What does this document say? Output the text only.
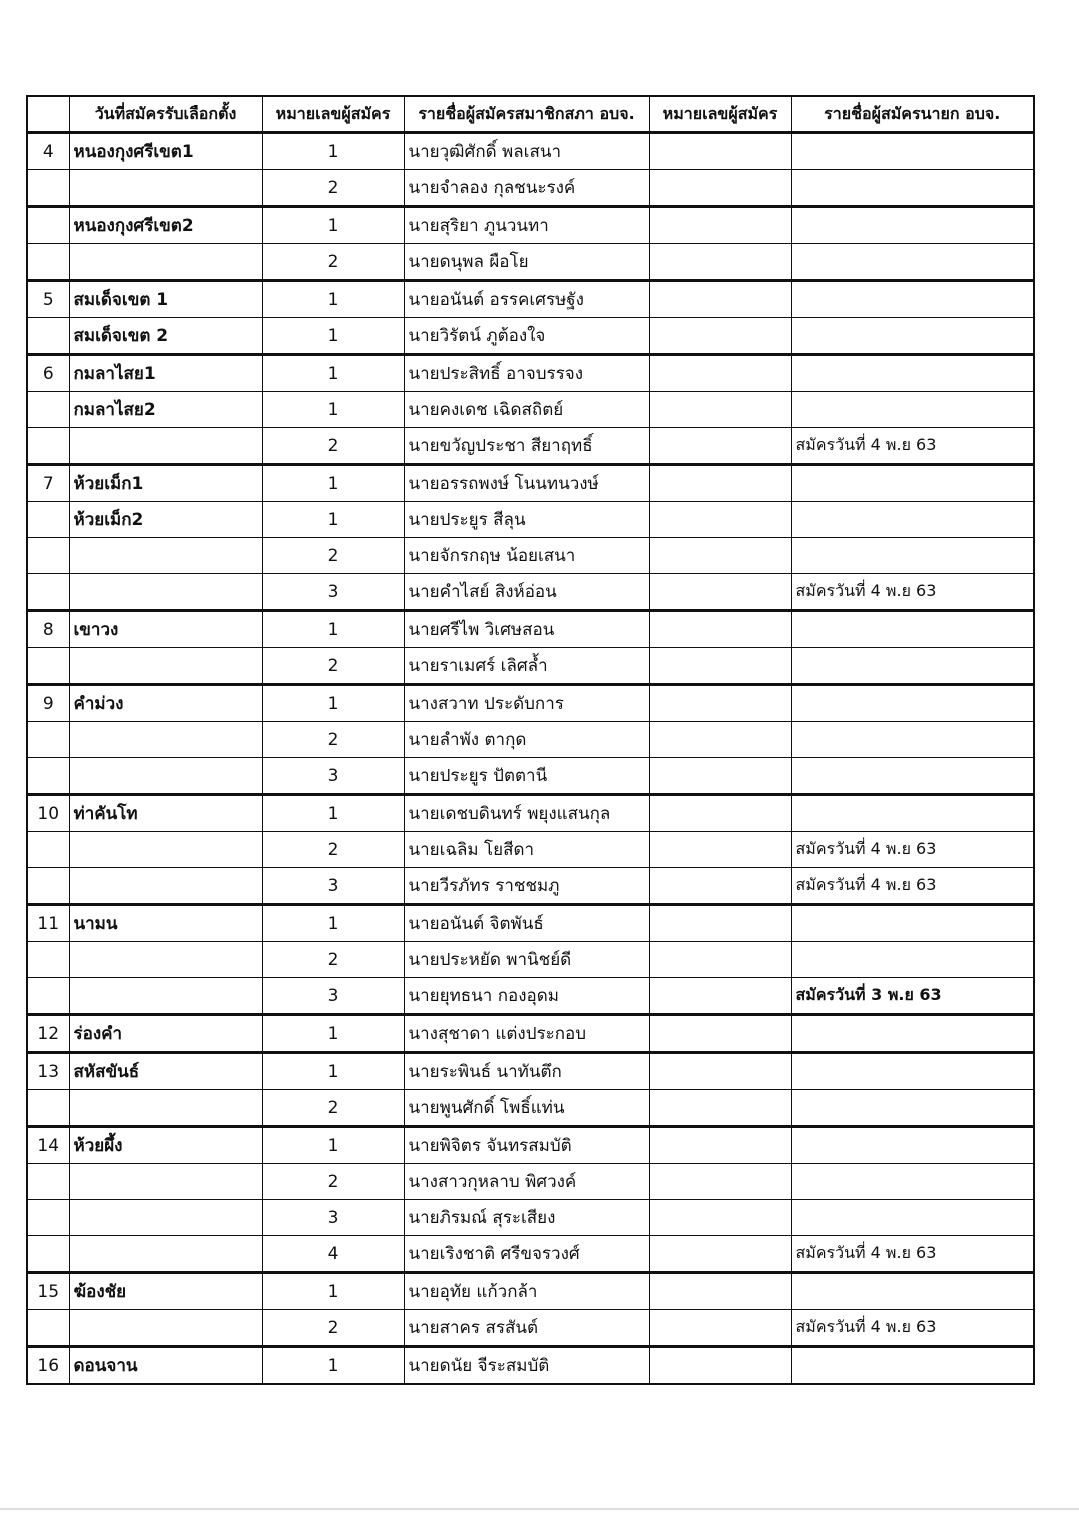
	วันที่สมัครรับเลือกตั้ง	หมายเลขผู้สมัคร	รายชื่อผู้สมัครสมาชิกสภา อบจ.	หมายเลขผู้สมัคร	รายชื่อผู้สมัครนายก อบจ.
4	หนองกุงศรีเขต1	1	นายวุฒิศักดิ์ พลเสนา		
		2	นายจำลอง กุลชนะรงค์		
	หนองกุงศรีเขต2	1	นายสุริยา ภูนวนทา		
		2	นายดนุพล ผือโย		
5	สมเด็จเขต 1	1	นายอนันต์ อรรคเศรษฐัง		
	สมเด็จเขต 2	1	นายวิรัตน์ ภูต้องใจ		
6	กมลาไสย1	1	นายประสิทธิ์ อาจบรรจง		
	กมลาไสย2	1	นายคงเดช เฉิดสถิตย์		
		2	นายขวัญประชา สียาฤทธิ์		สมัครวันที่ 4 พ.ย 63
7	ห้วยเม็ก1	1	นายอรรถพงษ์ โนนทนวงษ์		
	ห้วยเม็ก2	1	นายประยูร สีลุน		
		2	นายจักรกฤษ น้อยเสนา		
		3	นายคำไสย์ สิงห์อ่อน		สมัครวันที่ 4 พ.ย 63
8	เขาวง	1	นายศรีไพ วิเศษสอน		
		2	นายราเมศร์ เลิศล้ำ		
9	คำม่วง	1	นางสวาท ประดับการ		
		2	นายลำพัง ตากุด		
		3	นายประยูร ปัตตานี		
10	ท่าคันโท	1	นายเดชบดินทร์ พยุงแสนกุล		
		2	นายเฉลิม โยสีดา		สมัครวันที่ 4 พ.ย 63
		3	นายวีรภัทร ราชชมภู		สมัครวันที่ 4 พ.ย 63
11	นามน	1	นายอนันต์ จิตพันธ์		
		2	นายประหยัด พานิชย์ดี		
		3	นายยุทธนา กองอุดม		สมัครวันที่ 3 พ.ย 63
12	ร่องคำ	1	นางสุชาดา แต่งประกอบ		
13	สหัสขันธ์	1	นายระพินธ์ นาทันตึก		
		2	นายพูนศักดิ์ โพธิ์แท่น		
14	ห้วยผึ้ง	1	นายพิจิตร จันทรสมบัติ		
		2	นางสาวกุหลาบ พิศวงค์		
		3	นายภิรมณ์ สุระเสียง		
		4	นายเริงชาติ ศรีขจรวงศ์		สมัครวันที่ 4 พ.ย 63
15	ฆ้องชัย	1	นายอุทัย แก้วกล้า		
		2	นายสาคร สรสันต์		สมัครวันที่ 4 พ.ย 63
16	ดอนจาน	1	นายดนัย จีระสมบัติ		
